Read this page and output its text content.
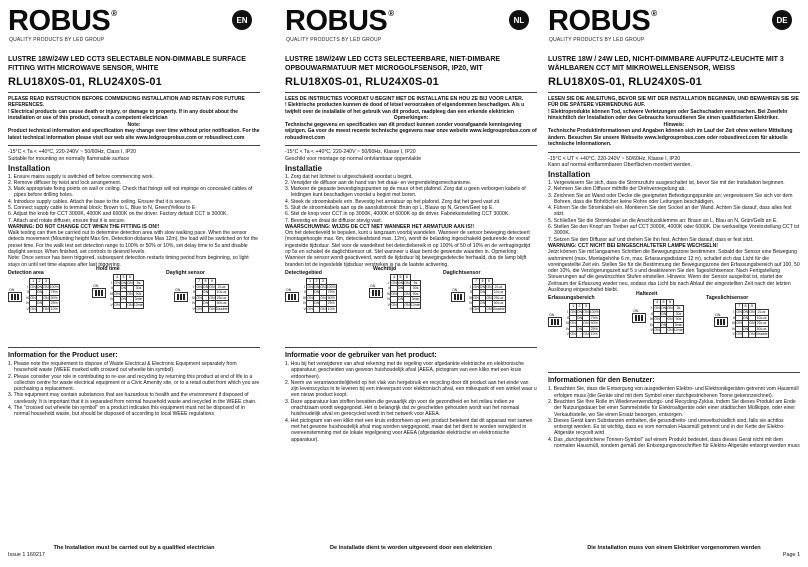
ROBUS ®
QUALITY PRODUCTS BY LED GROUP
EN
LUSTRE 18W/24W LED CCT3 SELECTABLE NON-DIMMABLE SURFACE FITTING WITH MICROWAVE SENSOR, WHITE
RLU18X0S-01, RLU24X0S-01
PLEASE READ INSTRUCTION BEFORE COMMENCING INSTALLATION AND RETAIN FOR FUTURE REFERENCES.
! Electrical products can cause death or injury, or damage to property. If in any doubt about the installation or use of this product, consult a competent electrician

Note:
Product technical information and specification may change over time without prior notification. For the latest technical information please visit our web site www.ledgrouprobus.com or robusdirect.com
-15°C < Ta < +40°C, 220-240V ~ 50/60Hz, Class I, IP20
Suitable for mounting on normally flammable surface
Installation
1. Ensure mains supply is switched off before commencing work.
2. Remove diffuser by twist and lock arrangement.
3. Mark appropriate fixing points on wall or ceiling. Check that fixings will not impinge on concealed cables of pipes before drilling holes.
4. Introduce supply cables. Attach the base to the ceiling. Ensure that it is secure.
5. Connect supply cable to terminal block: Brown to L, Blue to N, Green/Yellow to E
6. Adjust the knob for CCT 3000K, 4000K and 6000K on the driver. Factory default CCT is 3000K.
7. Attach and rotate diffuser, ensure that it is secure.
WARNING: DO NOT CHANGE CCT WHEN THE FITTING IS ON!!
Walk testing can then be carried out to determine detection area with slow walking pace. When the sensor detects movement (Mounting height Max 6m, Detection distance Max 12m), the load will be switched on for the preset time. For the walk test set detection range to 100% or 50% or 10%, set delay time to 5s and disable daylight sensor. When finished, set controls to desired levels.
Note: Once sensor has been triggered, subsequent detection restarts timing period from beginning, so light stays on until set time elapses after last triggering.
Detection area
Hold time
Daylight sensor
ON
	1	2	3	
I	ON	ON	ON	100%
II		ON		75%
III	ON		ON	50%
IV		ON		25%
V	ON		ON	10%
ON
	4	5	6	
I	ON	ON	ON	5s
II		ON		30s
III	ON		ON	90s
IV		ON		3min
V	ON		ON	12min
ON
	7	8	9	
I	ON	ON	ON	2Lux
II		ON		10Lux
III	ON		ON	25Lux
IV		ON		50Lux
V	ON		ON	Disable
Information for the Product user:
1. Please note the requirement to dispose of Waste Electrical & Electronic Equipment separately from household waste (WEEE marked with crossed out wheelie bin symbol).
2. Please consider your role in contributing to re-use and recycling by returning this product at end of life to a collection centre for waste electrical equipment or a Civic Amenity site, or to a retail outlet from which you are purchasing a replacement.
3. This equipment may contain substances that are hazardous to health and the environment if disposed of carelessly. It is important that it is separated from normal household waste and recycled in the WEEE chain.
4. The "crossed out wheelie bin symbol" on a product indicates this equipment must not be disposed of in normal household waste, but should be disposed of according to local WEEE regulations
The Installation must be carried out by a qualified electrician
ROBUS ®
QUALITY PRODUCTS BY LED GROUP
NL
LUSTRE 18W/24W LED CCT3 SELECTEERBARE, NIET-DIMBARE OPBOUWARMATUUR MET MICROGOLFSENSOR, IP20, WIT
RLU18X0S-01, RLU24X0S-01
LEES DE INSTRUCTIES VOORDAT U BEGINT MET DE INSTALLATIE EN HOU ZE BIJ VOOR LATER.
! Elektrische producten kunnen de dood of letsel veroorzaken of eigendommen beschadigen. Als u twijfelt over de installatie of het gebruik van dit product, raadpleeg dan een erkende elektricien

Opmerkingen:
Technische gegevens en specificaties van dit product kunnen zonder voorafgaande kennisgeving wijzigen. Ga voor de meest recente technische gegevens naar onze website www.ledgrouprobus.com of robusdirect.com
-15°C < Ta < +40°C, 220-240V ~ 50/60Hz, Klasse I, IP20
Geschikt voor montage op normal ontvlambaar oppervlakte
Installatie
1. Zorg dat het lichtnet is uitgeschakeld voordat u begint.
2. Verwijder de diffusor aan de hand van het draai- en vergrendelingsmechanisme.
3. Markeer de gepaste bevestigingspunten op de muur of het plafond. Zorg dat u geen verborgen kabels of leidingen kunt beschadigen voordat u begint met boren.
4. Steek de stroomkabels erin. Bevestig het armatuur op het plafond. Zorg dat het goed vast zit.
5. Sluit de stroomkabels aan op de aansluitstrook: Bruin op L, Blauw op N, Groen/Geel op E.
6. Stel de knop voor CCT in op 3000K, 4000K of 6000K op de driver. Fabrieksinstelling CCT 3000K.
7. Bevestig en draai de diffusor stevig vast.
WAARSCHUWING: WIJZIG DE CCT NIET WANNEER HET ARMATUUR AAN IS!!
Om het detectieveld te bepalen, kunt u langzaam voorbij wandelen. Wanneer de sensor beweging detecteert (montagehoogte max. 6m, detectieafstand max. 12m), wordt de belasting ingeschakeld gedurende de vooraf ingestelde tijdsduur. Stel voor de wandeltest het detectiebereik in op 100% of 50 of 10% en de vertragingstijd op 5s en schakel de daglichtsensor uit. Stel wanneer u klaar bent de gewenste waarden in. Opmerking: Wanneer de sensor wordt geactiveerd, wordt de tijdsduur bij bewegingsdetectie herhaald, dus de lamp blijft branden tot de ingestelde tijdsduur verstreken is na de laatste activering.
Detectiegebied
Wachttijd
Daglichtsensor
ON
	1	2	3	
I	ON	ON	ON	100%
II		ON		75%
III	ON		ON	50%
IV		ON		25%
V	ON		ON	10%
ON
	4	5	6	
I	ON	ON	ON	5s
II		ON		30s
III	ON		ON	90s
IV		ON		3min
V	ON		ON	12min
ON
	7	8	9	
I	ON	ON	ON	2Lux
II		ON		10Lux
III	ON		ON	25Lux
IV		ON		50Lux
V	ON		ON	Disable
Informatie voor de gebruiker van het product:
1. Hou bij het verwijderen van afval rekening met de regeling voor afgedankte elektrische en elektronische apparatuur, gescheiden van gewoon huishoudelijk afval (AEEA, pictogram van een kliko met een kruis erdoorheen).
2. Neem uw verantwoordelijkheid op het vlak van hergebruik en recycling door dit product aan het einde van zijn levenscyclus in te leveren bij een inleverpunt voor elektronisch afval, een milieupark of een winkel waar u een nieuw product koopt.
3. Deze apparatuur kan stoffen bevatten die gevaarlijk zijn voor de gezondheid en het milieu indien ze onachtzaam wordt weggegooid. Het is belangrijk dat ze gescheiden gehouden wordt van het normaal huishoudelijk afval en gerecycled wordt in het netwerk voor AEEA.
4. Het pictogram van een kliko met een kruis erdoorheen op een product betekent dat dit apparaat niet samen met het gewone huishoudelijk afval mag worden weggegooid, maar dat het dient te worden verwijderd in overeenstemming met de lokale regelgeving voor AEEA (afgedankte elektrische en elektronische apparatuur).
De installatie dient te worden uitgevoerd door een elektricien
ROBUS ®
QUALITY PRODUCTS BY LED GROUP
DE
LUSTRE 18W / 24W LED, NICHT-DIMMBARE AUFPUTZ-LEUCHTE MIT 3 WÄHLBAREN CCT MIT MIKROWELLENSENSOR, WEISS
RLU18X0S-01, RLU24X0S-01
LESEN SIE DIE ANLEITUNG, BEVOR SIE MIT DER INSTALLATION BEGINNEN, UND BEWAHREN SIE SIE FÜR DIE SPÄTERE VERWENDUNG AUF.
! Elektroprodukte können Tod, schwere Verletzungen oder Sachschaden verursachen. Bei Zweifeln hinsichtlich der Installation oder des Gebrauchs konsultieren Sie einen qualifizierten Elektriker.

Hinweis:
Technische Produktinformationen und Angaben können sich im Lauf der Zeit ohne weitere Mitteilung ändern. Besuchen Sie unsere Webseite www.ledgrouprobus.com oder robusdirect.com für aktuelle technische Informationen.
-15°C < UT < +40°C, 220-240V ~ 50/60Hz, Klasse I, IP20
Kann auf normal entflammbaren Oberflächen montiert werden.
Installation
1. Vergewissern Sie sich, dass die Stromzufuhr ausgeschaltet ist, bevor Sie mit der Installation beginnen.
2. Nehmen Sie den Diffusor mithilfe der Drehverriegelung ab.
3. Zeichnen Sie an Wand oder Decke die geeigneten Befestigungspunkte an; vergewissern Sie sich vor dem Bohren, dass die Bohrlöcher keine Rohre oder Leitungen beschädigen.
4. Führen Sie die Stromkabel ein. Montieren Sie den Sockel an der Wand. Achten Sie darauf, dass alles fest sitzt.
5. Schließen Sie die Stromkabel an die Anschlussklemme an: Braun an L, Blau an N, Grün/Gelb an E.
6. Stellen Sie den Knopf am Treiber auf CCT 3000K, 4000K oder 6000K. Die werkseitige Voreinstellung CCT ist 3000K.
7. Setzen Sie den Diffusor auf und drehen Sie ihn fest. Achten Sie darauf, dass er fest sitzt.
WARNUNG: CCT NICHT BEI EINGESCHALTETER LAMPE WECHSELN!
Jetzt können Sie mit langsamen Schritten die Bewegungszone bestimmen. Sobald der Sensor eine Bewegung wahrnimmt (max. Montagehöhe 6 m, max. Erfassungsdistanz 12 m), schaltet sich das Licht für die voreingestellte Zeit ein. Stellen Sie für die Bestimmung der Bewegungszone den Erfassungsbereich auf 100, 50 oder 10%, die Verzögerungszeit auf 5 s und deaktivieren Sie den Tageslichtsensor. Nach Fertigstellung Steuerungen auf die gewünschten Stufen einstellen. Hinweis: Wenn der Sensor ausgelöst ist, startet der Zeitraum der Erfassung wieder neu, sodass das Licht bis nach Ablauf der eingestellten Zeit nach der letzten Auslösung eingeschaltet bleibt.
Erfassungsbereich
Haltezeit
Tageslichtsensor
ON
	1	2	3	
I	ON	ON	ON	100%
II		ON		75%
III	ON		ON	50%
IV		ON		25%
V	ON		ON	10%
ON
	4	5	6	
I	ON	ON	ON	5s
II		ON		30s
III	ON		ON	90s
IV		ON		3min
V	ON		ON	12min
ON
	7	8	9	
I	ON	ON	ON	2Lux
II		ON		10Lux
III	ON		ON	25Lux
IV		ON		50Lux
V	ON		ON	Disable
Informationen für den Benutzer:
1. Beachten Sie, dass die Entsorgung von ausgedienten Elektro- und Elektronikgeräten getrennt vom Hausmüll erfolgen muss (die Geräte sind mit dem Symbol einer durchgestrichenen Tonne gekennzeichnet).
2. Beachten Sie Ihre Rolle im Wiederverwendungs- und Recycling-Zyklus, indem Sie dieses Produkt am Ende der Nutzungsdauer bei einer Sammelstelle für Elektroaltgeräte oder einer städtischen Müllkippe, oder einer Verkaufsstelle, wo Sie einen Ersatz besorgen, entsorgen.
3. Dieses Gerät kann Substanzen enthalten, die gesundheits- und umweltschädlich sind, falls sie achtlos entsorgt werden. Es ist wichtig, dass es vom normalen Hausmüll getrennt und in der Kette der Elektro-Altgeräte recycelt wird
4. Das „durchgestrichene Tonnen-Symbol" auf einem Produkt bedeutet, dass dieses Gerät nicht mit dem normalen Hausmüll, sondern gemäß der Entsorgungsvorschriften für Elektro-Altgeräte entsorgt werden muss
Die Installation muss von einem Elektriker vorgenommen werden
Issue 1 160217	Page 1
